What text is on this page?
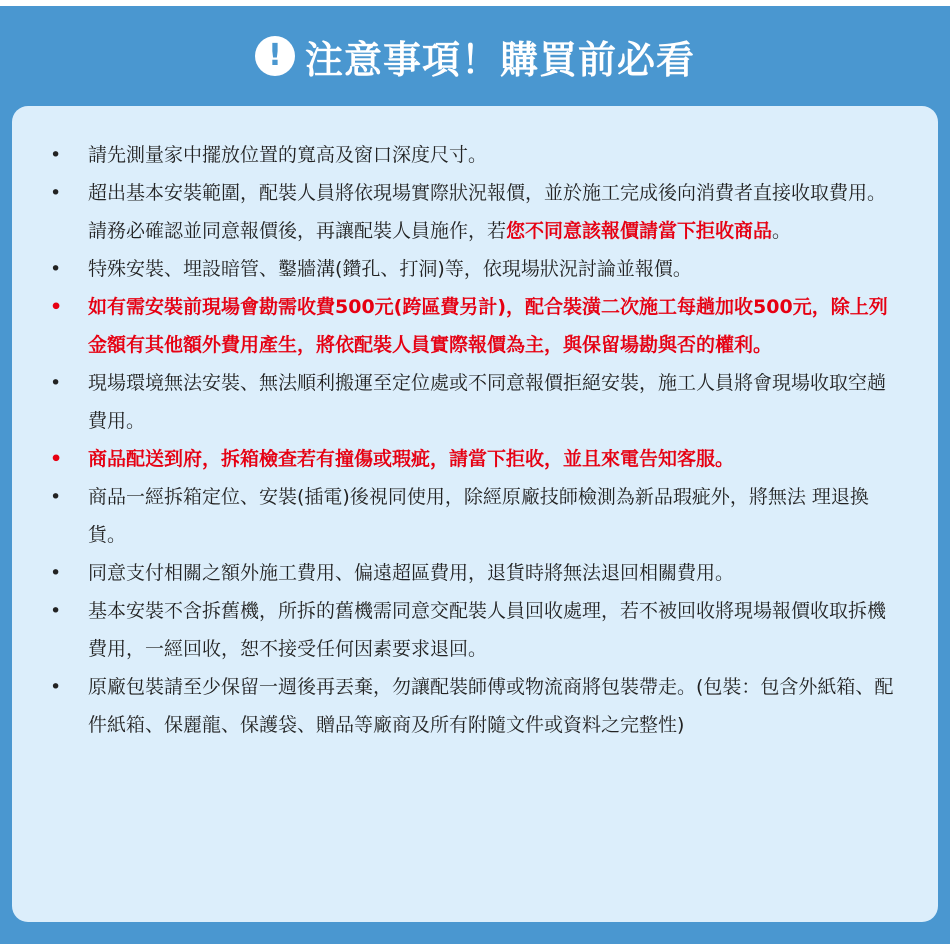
! 注意事項！購買前必看
• 請先測量家中擺放位置的寬高及窗口深度尺寸。
• 超出基本安裝範圍，配裝人員將依現場實際狀況報價，並於施工完成後向消費者直接收取費用。請務必確認並同意報價後，再讓配裝人員施作，若您不同意該報價請當下拒收商品。
• 特殊安裝、埋設暗管、鑿牆溝(鑽孔、打洞)等，依現場狀況討論並報價。
• 如有需安裝前現場會勘需收費500元(跨區費另計)，配合裝潢二次施工每趟加收500元，除上列金額有其他額外費用產生，將依配裝人員實際報價為主，與保留場勘與否的權利。
• 現場環境無法安裝、無法順利搬運至定位處或不同意報價拒絕安裝，施工人員將會現場收取空趟費用。
• 商品配送到府，拆箱檢查若有撞傷或瑕疵，請當下拒收，並且來電告知客服。
• 商品一經拆箱定位、安裝(插電)後視同使用，除經原廠技師檢測為新品瑕疵外，將無法 理退換貨。
• 同意支付相關之額外施工費用、偏遠超區費用，退貨時將無法退回相關費用。
• 基本安裝不含拆舊機，所拆的舊機需同意交配裝人員回收處理，若不被回收將現場報價收取拆機費用，一經回收，恕不接受任何因素要求退回。
• 原廠包裝請至少保留一週後再丟棄，勿讓配裝師傅或物流商將包裝帶走。(包裝：包含外紙箱、配件紙箱、保麗龍、保護袋、贈品等廠商及所有附隨文件或資料之完整性)
